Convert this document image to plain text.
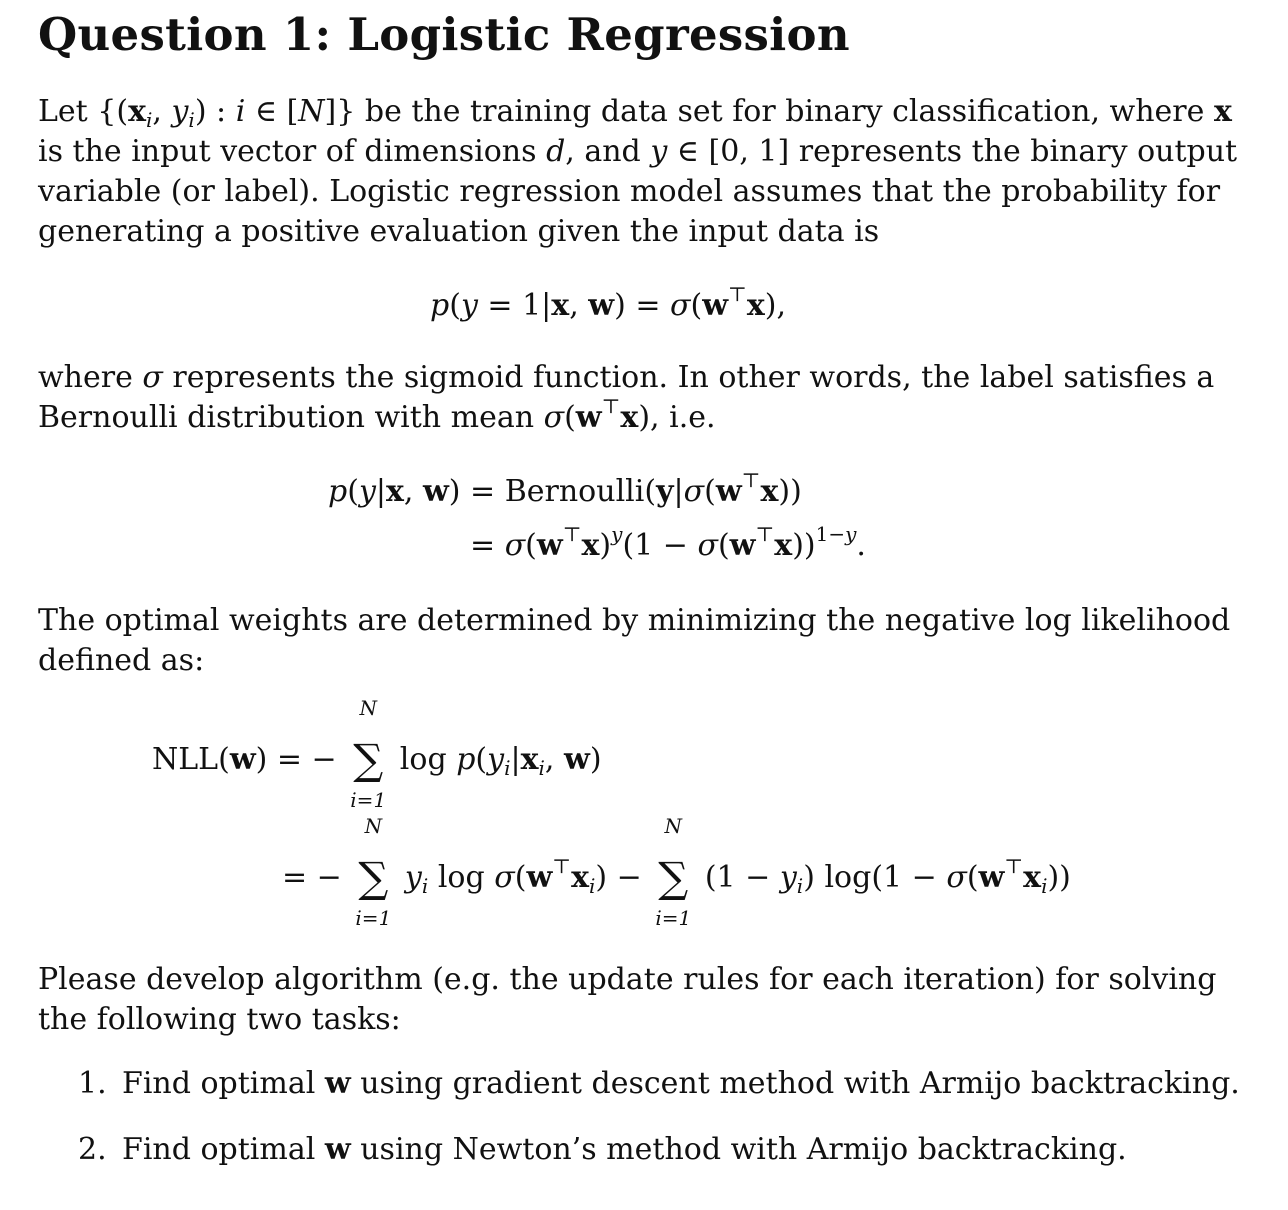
Question 1: Logistic Regression
Let {($x_i$, $y_i$) : i ∈ [N]} be the training data set for binary classification, where x
is the input vector of dimensions d, and y ∈ [0, 1] represents the binary output
variable (or label). Logistic regression model assumes that the probability for
generating a positive evaluation given the input data is
p(y = 1|x, w) = σ(w⊤x),
where σ represents the sigmoid function. In other words, the label satisfies a
Bernoulli distribution with mean σ(w⊤x), i.e.
p(y|x, w) = Bernoulli(y|σ(w⊤x))
= $\sigma(w^⊤x)^y(1 - \sigma(w^⊤x))^{1-y}$.
The optimal weights are determined by minimizing the negative log likelihood
defined as:
NLL(w) = − ∑
N
i=1
$\log p(y_i|x_i$, w)
= − ∑
N
i=1
$y_i$ $\log \sigma(w^⊤x_i)$ − ∑
N
i=1
$(1 - y_i)$ $\log(1 - \sigma(w^⊤x_i))$
Please develop algorithm (e.g. the update rules for each iteration) for solving
the following two tasks:
1. Find optimal w using gradient descent method with Armijo backtracking.
2. Find optimal w using Newton’s method with Armijo backtracking.
